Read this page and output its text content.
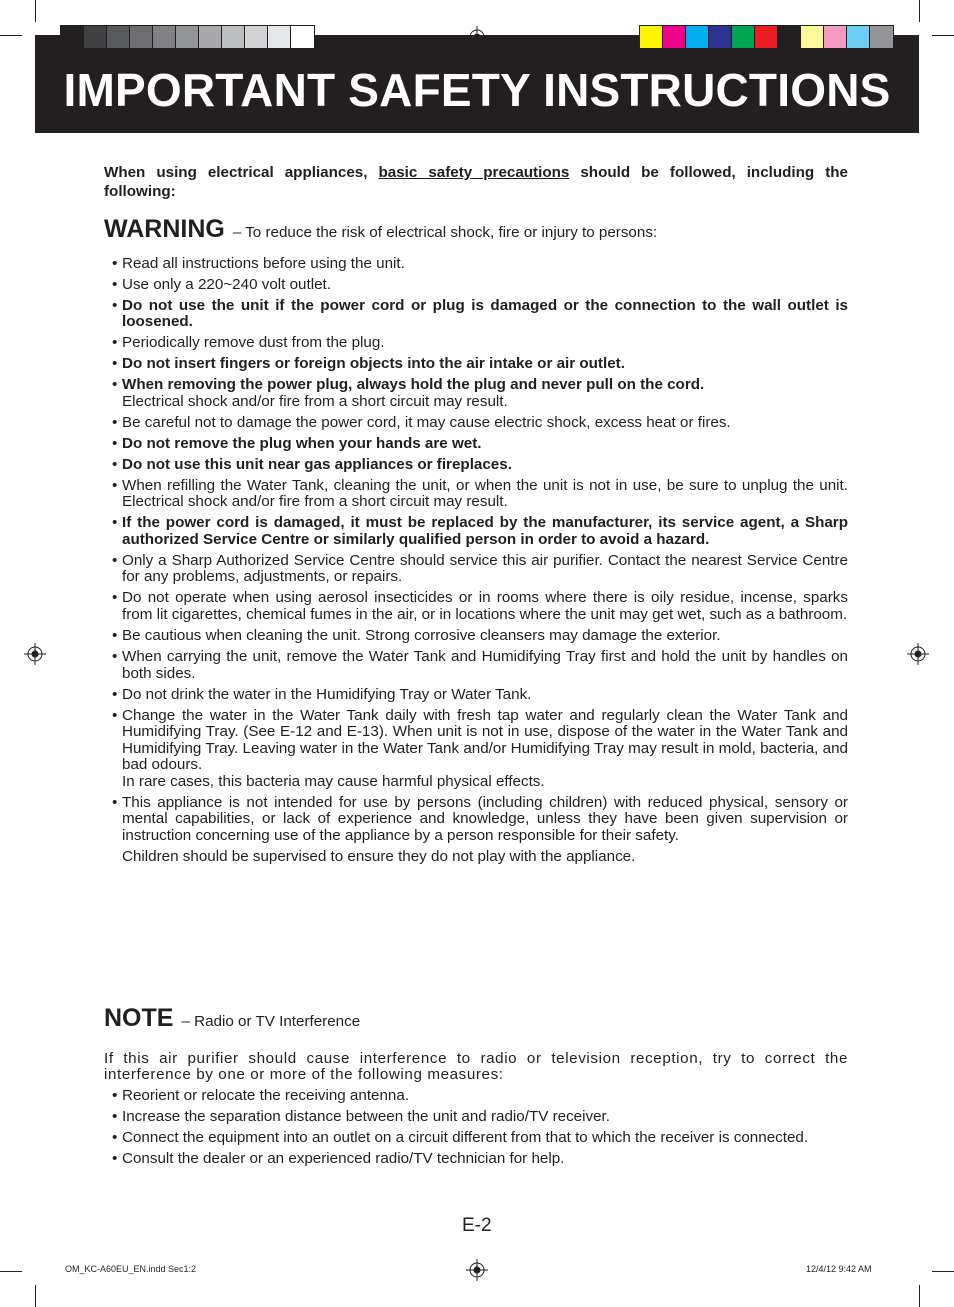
IMPORTANT SAFETY INSTRUCTIONS

When using electrical appliances, basic safety precautions should be followed, including the following:

WARNING – To reduce the risk of electrical shock, fire or injury to persons:
• Read all instructions before using the unit.
• Use only a 220~240 volt outlet.
• Do not use the unit if the power cord or plug is damaged or the connection to the wall outlet is loosened.
• Periodically remove dust from the plug.
• Do not insert fingers or foreign objects into the air intake or air outlet.
• When removing the power plug, always hold the plug and never pull on the cord.
Electrical shock and/or fire from a short circuit may result.
• Be careful not to damage the power cord, it may cause electric shock, excess heat or fires.
• Do not remove the plug when your hands are wet.
• Do not use this unit near gas appliances or fireplaces.
• When refilling the Water Tank, cleaning the unit, or when the unit is not in use, be sure to unplug the unit. Electrical shock and/or fire from a short circuit may result.
• If the power cord is damaged, it must be replaced by the manufacturer, its service agent, a Sharp authorized Service Centre or similarly qualified person in order to avoid a hazard.
• Only a Sharp Authorized Service Centre should service this air purifier. Contact the nearest Service Centre for any problems, adjustments, or repairs.
• Do not operate when using aerosol insecticides or in rooms where there is oily residue, incense, sparks from lit cigarettes, chemical fumes in the air, or in locations where the unit may get wet, such as a bathroom.
• Be cautious when cleaning the unit. Strong corrosive cleansers may damage the exterior.
• When carrying the unit, remove the Water Tank and Humidifying Tray first and hold the unit by handles on both sides.
• Do not drink the water in the Humidifying Tray or Water Tank.
• Change the water in the Water Tank daily with fresh tap water and regularly clean the Water Tank and Humidifying Tray. (See E-12 and E-13). When unit is not in use, dispose of the water in the Water Tank and Humidifying Tray. Leaving water in the Water Tank and/or Humidifying Tray may result in mold, bacteria, and bad odours.
In rare cases, this bacteria may cause harmful physical effects.
• This appliance is not intended for use by persons (including children) with reduced physical, sensory or mental capabilities, or lack of experience and knowledge, unless they have been given supervision or instruction concerning use of the appliance by a person responsible for their safety.
Children should be supervised to ensure they do not play with the appliance.
NOTE – Radio or TV Interference

If this air purifier should cause interference to radio or television reception, try to correct the interference by one or more of the following measures:

• Reorient or relocate the receiving antenna.
• Increase the separation distance between the unit and radio/TV receiver.
• Connect the equipment into an outlet on a circuit different from that to which the receiver is connected.
• Consult the dealer or an experienced radio/TV technician for help.
E-2
OM_KC-A60EU_EN.indd Sec1:2	12/4/12 9:42 AM
